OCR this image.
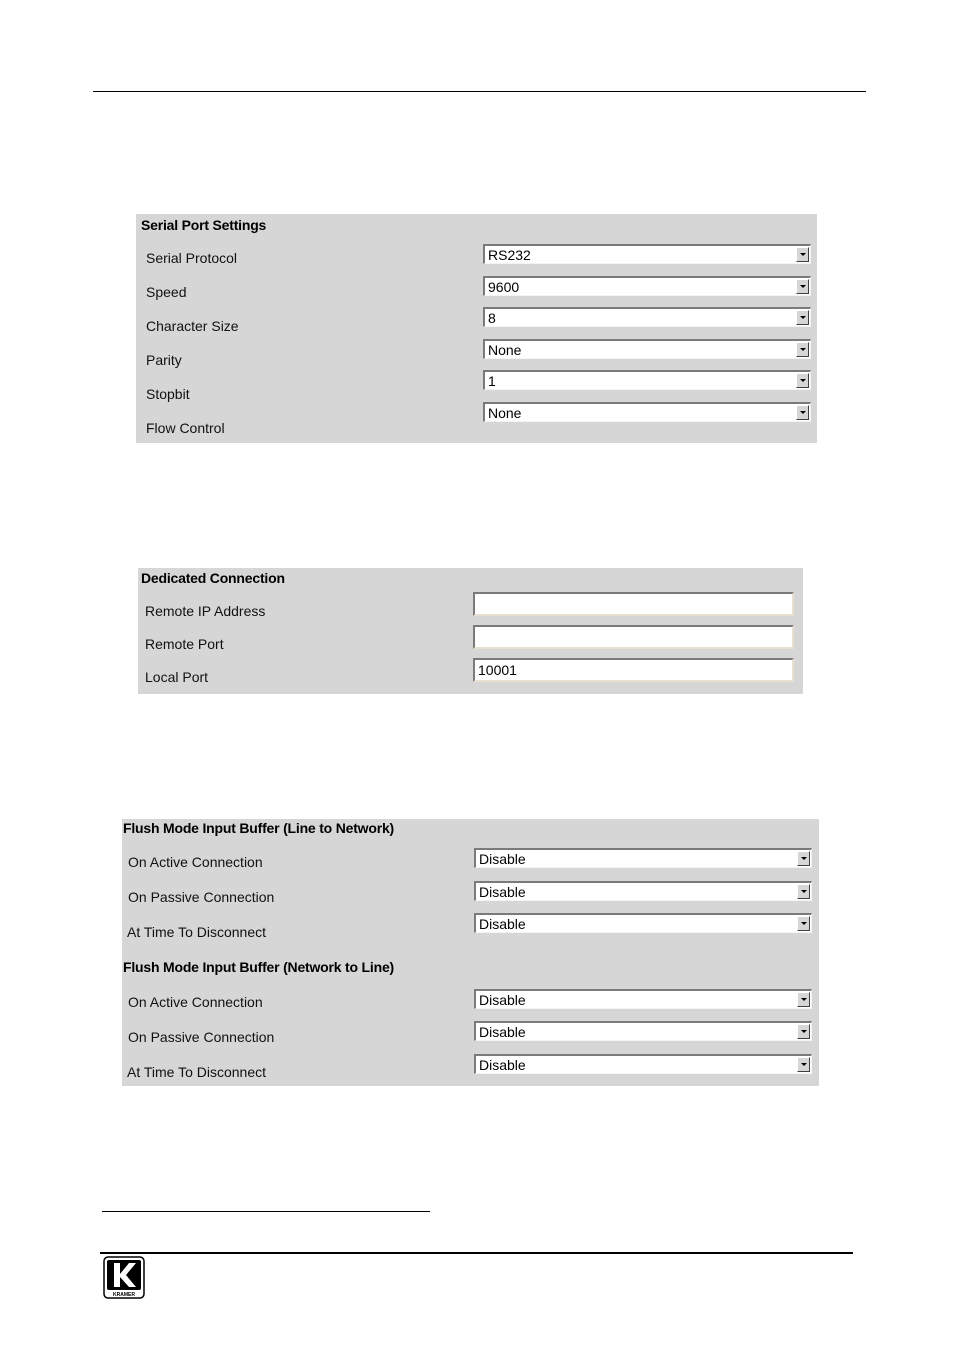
Serial Port Settings
Serial Protocol
Speed
Character Size
Parity
Stopbit
Flow Control
RS232
9600
8
None
1
None
Dedicated Connection
Remote IP Address
Remote Port
Local Port
10001
Flush Mode Input Buffer (Line to Network)
On Active Connection
On Passive Connection
At Time To Disconnect
Disable
Disable
Disable
Flush Mode Input Buffer (Network to Line)
On Active Connection
On Passive Connection
At Time To Disconnect
Disable
Disable
Disable
KRAMER
